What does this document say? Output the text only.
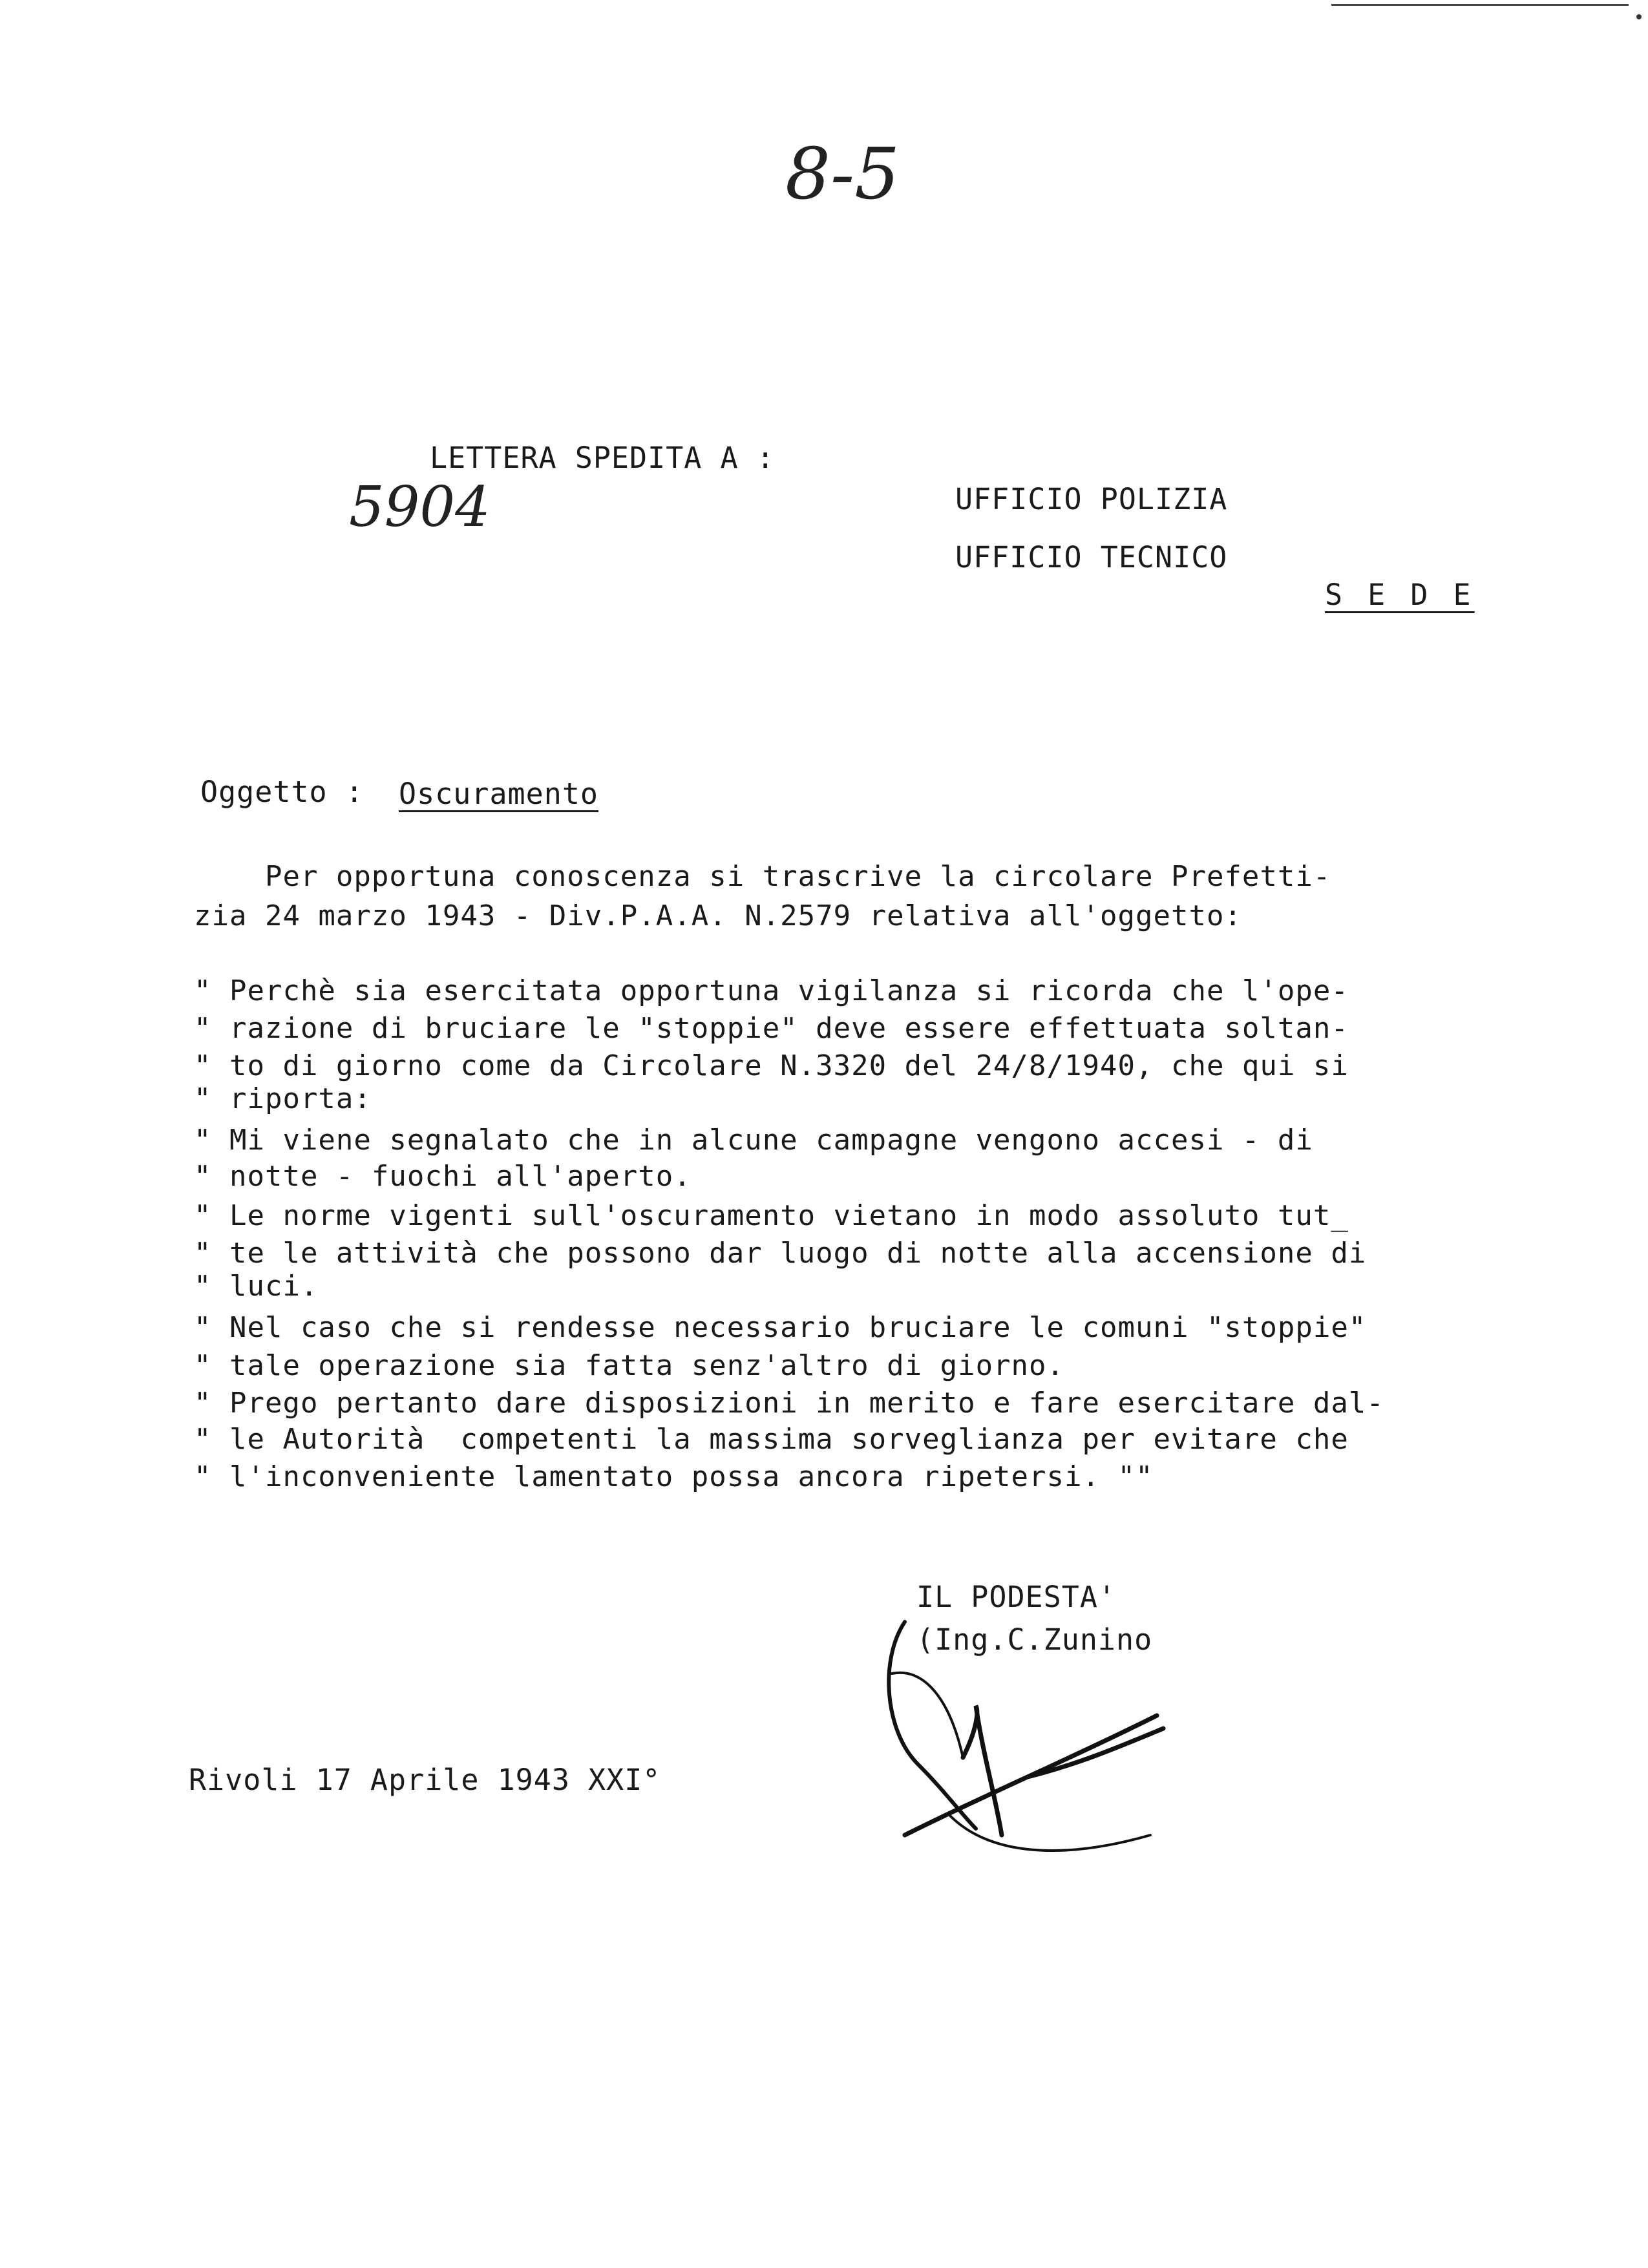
8-5
LETTERA SPEDITA A :
5904	UFFICIO POLIZIA
UFFICIO TECNICO
S E D E
Oggetto : Oscuramento
Per opportuna conoscenza si trascrive la circolare Prefetti-
zia 24 marzo 1943 - Div.P.A.A. N.2579 relativa all'oggetto:
" Perchè sia esercitata opportuna vigilanza si ricorda che l'ope-
" razione di bruciare le "stoppie" deve essere effettuata soltan-
" to di giorno come da Circolare N.3320 del 24/8/1940, che qui si
" riporta:
" Mi viene segnalato che in alcune campagne vengono accesi - di
" notte - fuochi all'aperto.
" Le norme vigenti sull'oscuramento vietano in modo assoluto tut_
" te le attività che possono dar luogo di notte alla accensione di
" luci.
" Nel caso che si rendesse necessario bruciare le comuni "stoppie"
" tale operazione sia fatta senz'altro di giorno.
" Prego pertanto dare disposizioni in merito e fare esercitare dal-
" le Autorità  competenti la massima sorveglianza per evitare che
" l'inconveniente lamentato possa ancora ripetersi. ""
IL PODESTA'
(Ing.C.Zunino
Rivoli 17 Aprile 1943 XXI°
